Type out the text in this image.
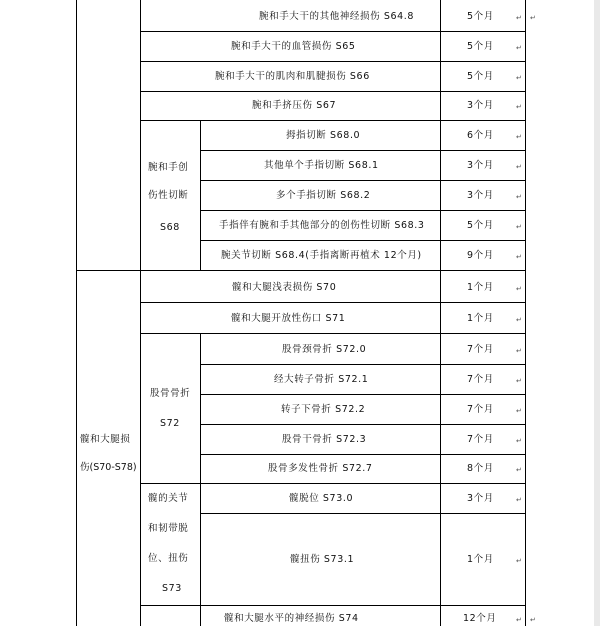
腕和手大干的其他神经损伤 S64.8
腕和手大干的血管损伤 S65
腕和手大干的肌肉和肌腱损伤 S66
腕和手挤压伤 S67
拇指切断 S68.0
其他单个手指切断 S68.1
多个手指切断 S68.2
手指伴有腕和手其他部分的创伤性切断 S68.3
腕关节切断 S68.4(手指离断再植术 12个月)
髋和大腿浅表损伤 S70
髋和大腿开放性伤口 S71
股骨颈骨折 S72.0
经大转子骨折 S72.1
转子下骨折 S72.2
股骨干骨折 S72.3
股骨多发性骨折 S72.7
髋脱位 S73.0
髋扭伤 S73.1
髋和大腿水平的神经损伤 S74
5个月
5个月
5个月
3个月
6个月
3个月
3个月
5个月
9个月
1个月
1个月
7个月
7个月
7个月
7个月
8个月
3个月
1个月
12个月
腕和手创
伤性切断
S68
髋和大腿损
伤(S70-S78)
股骨骨折
S72
髋的关节
和韧带脱
位、扭伤
S73
↵
↵
↵
↵
↵
↵
↵
↵
↵
↵
↵
↵
↵
↵
↵
↵
↵
↵
↵
↵
↵
